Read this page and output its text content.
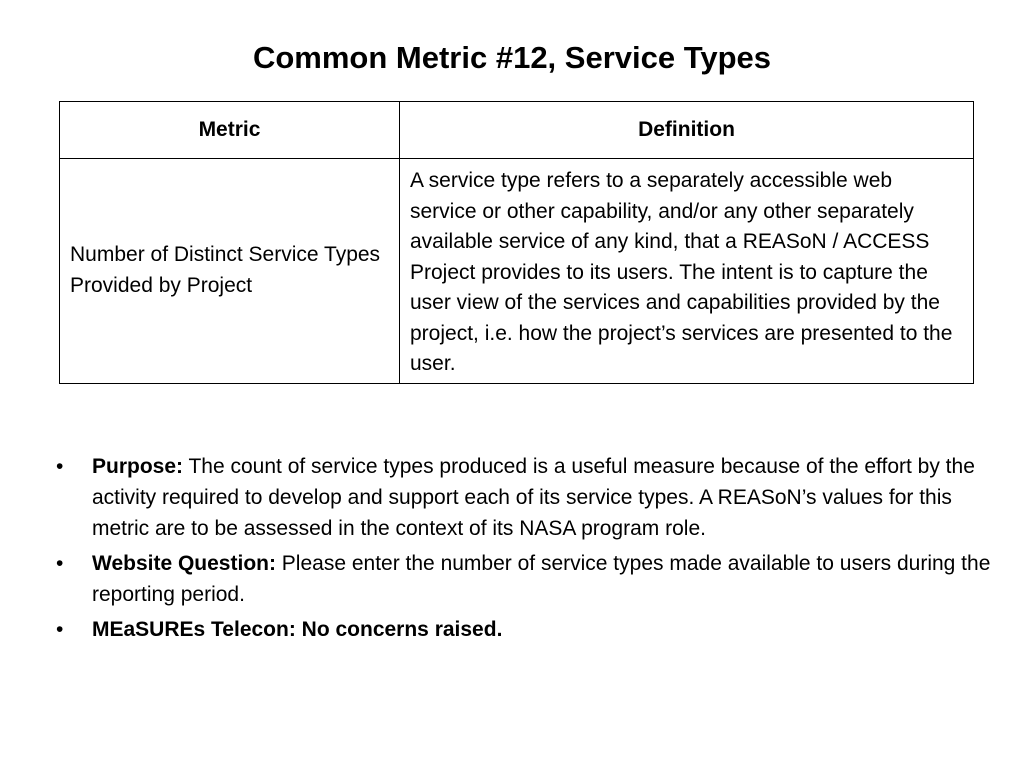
Common Metric #12, Service Types
Metric	Definition
Number of Distinct Service Types Provided by Project	A service type refers to a separately accessible web service or other capability, and/or any other separately available service of any kind, that a REASoN / ACCESS Project provides to its users. The intent is to capture the user view of the services and capabilities provided by the project, i.e. how the project’s services are presented to the user.
• Purpose: The count of service types produced is a useful measure because of the effort by the activity required to develop and support each of its service types. A REASoN’s values for this metric are to be assessed in the context of its NASA program role.
• Website Question: Please enter the number of service types made available to users during the reporting period.
• MEaSUREs Telecon: No concerns raised.
